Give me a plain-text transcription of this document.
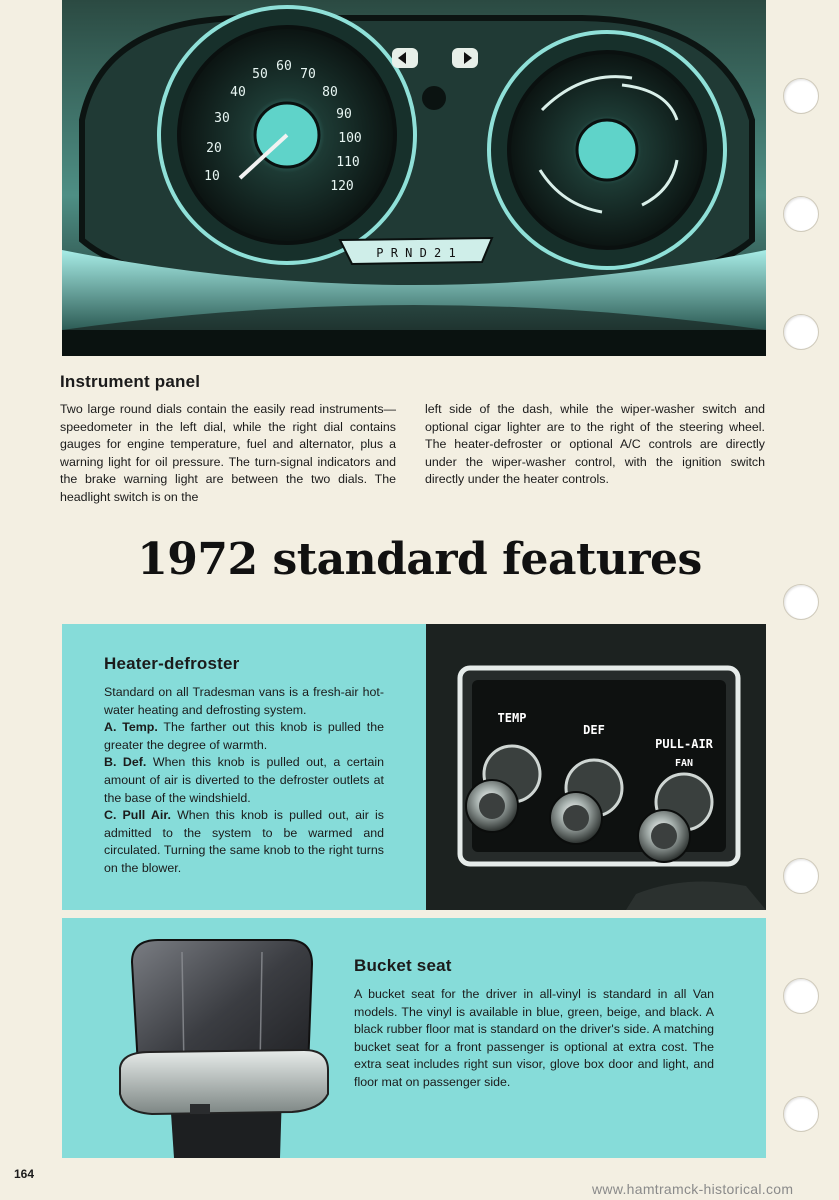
10
20
30
40
50
60
70
80
90
100
110
120
P R N D 2 1
Instrument panel

Two large round dials contain the easily read instruments—speedometer in the left dial, while the right dial contains gauges for engine temperature, fuel and alternator, plus a warning light for oil pressure. The turn-signal indicators and the brake warning light are between the two dials. The headlight switch is on the

left side of the dash, while the wiper-washer switch and optional cigar lighter are to the right of the steering wheel. The heater-defroster or optional A/C controls are directly under the wiper-washer control, with the ignition switch directly under the heater controls.

1972 standard features
Heater-defroster

Standard on all Tradesman vans is a fresh-air hot-water heating and defrosting system.

A. Temp. The farther out this knob is pulled the greater the degree of warmth.

B. Def. When this knob is pulled out, a certain amount of air is diverted to the defroster outlets at the base of the windshield.

C. Pull Air. When this knob is pulled out, air is admitted to the system to be warmed and circulated. Turning the same knob to the right turns on the blower.

TEMP
DEF
PULL-AIR
FAN
Bucket seat

A bucket seat for the driver in all-vinyl is standard in all Van models. The vinyl is available in blue, green, beige, and black. A black rubber floor mat is standard on the driver's side. A matching bucket seat for a front passenger is optional at extra cost. The extra seat includes right sun visor, glove box door and light, and floor mat on passenger side.

164
www.hamtramck-historical.com
